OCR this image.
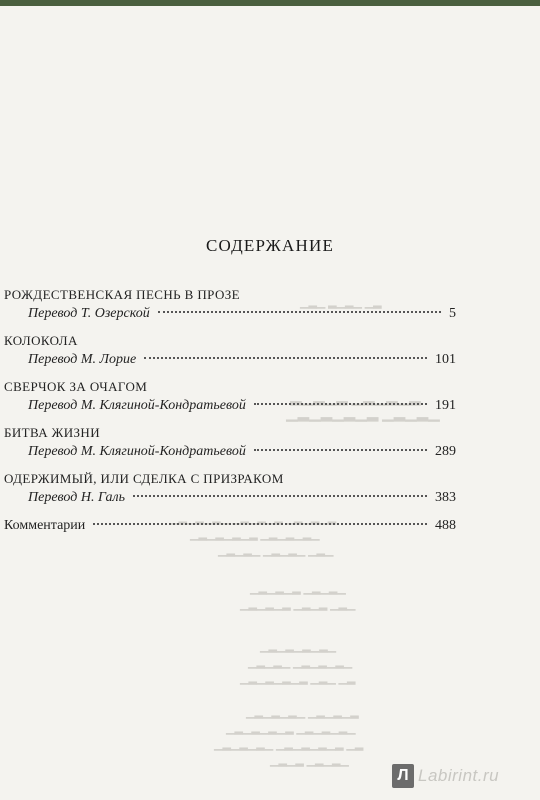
▁▂▁ ▂▁▂▁ ▁▂
▂▁▂▁▂ ▁▂▁▂▁▂
▁▂▁▂▁▂▁▂ ▁▂▁▂▁
▁▂▁▂▁▂▁ ▁▂▁▂▁▂ ▁▂▁▂▁▂
▁▂▁▂▁▂▁▂ ▁▂▁▂▁▂▁
▁▂▁▂▁ ▁▂▁▂▁ ▁▂▁
▁▂▁▂▁▂ ▁▂▁▂▁
▁▂▁▂▁▂ ▁▂▁▂ ▁▂▁
▁▂▁▂▁▂▁▂▁
▁▂▁▂▁ ▁▂▁▂▁▂▁
▁▂▁▂▁▂▁▂ ▁▂▁ ▁▂
▁▂▁▂▁▂▁ ▁▂▁▂▁▂
▁▂▁▂▁▂▁▂ ▁▂▁▂▁▂▁
▁▂▁▂▁▂▁ ▁▂▁▂▁▂▁▂ ▁▂
▁▂▁▂ ▁▂▁▂▁
СОДЕРЖАНИЕ
РОЖДЕСТВЕНСКАЯ ПЕСНЬ В ПРОЗЕ
Перевод Т. Озерской	5
КОЛОКОЛА
Перевод М. Лорие	101
СВЕРЧОК ЗА ОЧАГОМ
Перевод М. Клягиной-Кондратьевой	191
БИТВА ЖИЗНИ
Перевод М. Клягиной-Кондратьевой	289
ОДЕРЖИМЫЙ, ИЛИ СДЕЛКА С ПРИЗРАКОМ
Перевод Н. Галь	383
Комментарии	488
Л Labirint.ru
